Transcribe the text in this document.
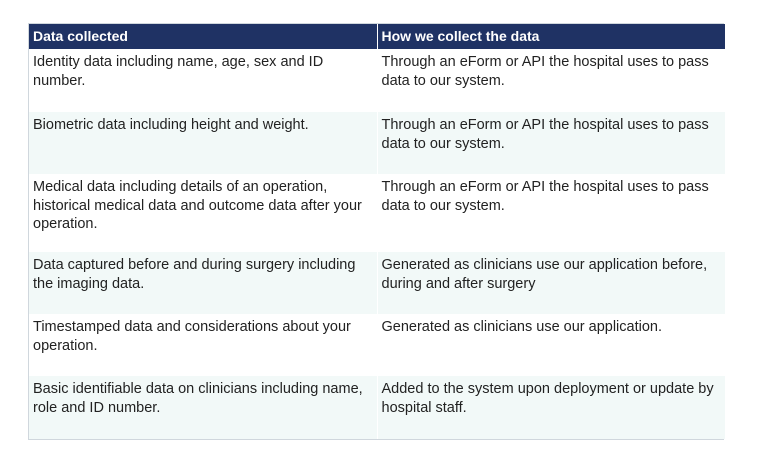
Data collected	How we collect the data
Identity data including name, age, sex and ID number.	Through an eForm or API the hospital uses to pass data to our system.
Biometric data including height and weight.	Through an eForm or API the hospital uses to pass data to our system.
Medical data including details of an operation, historical medical data and outcome data after your operation.	Through an eForm or API the hospital uses to pass data to our system.
Data captured before and during surgery including the imaging data.	Generated as clinicians use our application before, during and after surgery
Timestamped data and considerations about your operation.	Generated as clinicians use our application.
Basic identifiable data on clinicians including name, role and ID number.	Added to the system upon deployment or update by hospital staff.
